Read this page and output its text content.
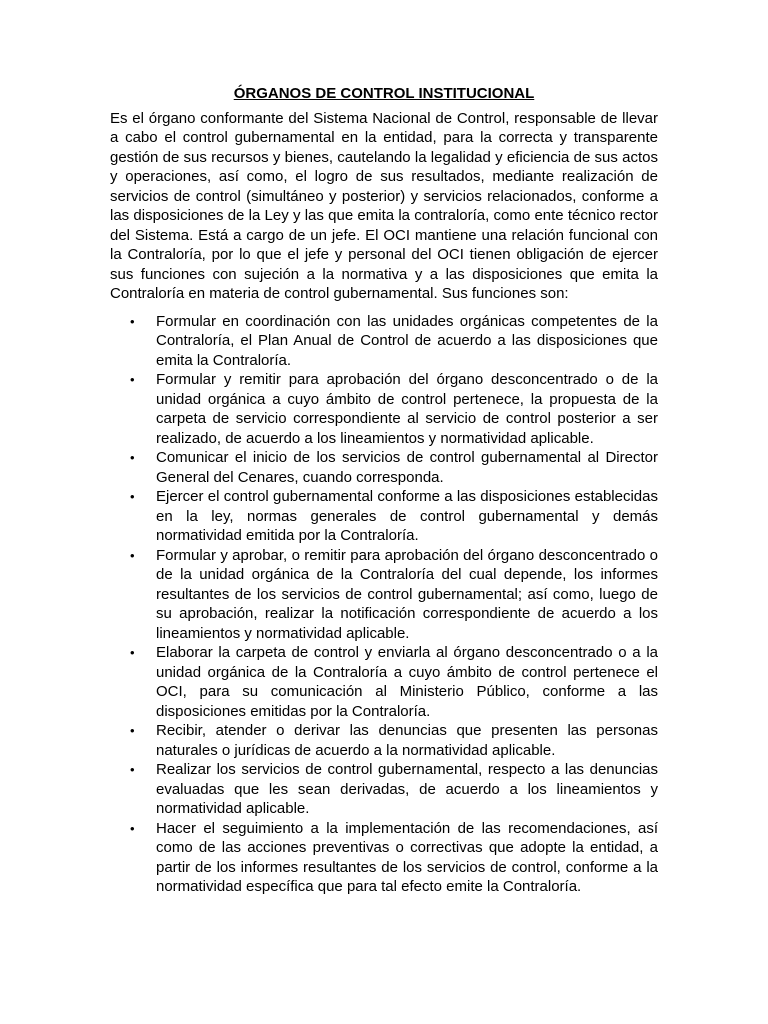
ÓRGANOS DE CONTROL INSTITUCIONAL

Es el órgano conformante del Sistema Nacional de Control, responsable de llevar a cabo el control gubernamental en la entidad, para la correcta y transparente gestión de sus recursos y bienes, cautelando la legalidad y eficiencia de sus actos y operaciones, así como, el logro de sus resultados, mediante realización de servicios de control (simultáneo y posterior) y servicios relacionados, conforme a las disposiciones de la Ley y las que emita la contraloría, como ente técnico rector del Sistema. Está a cargo de un jefe. El OCI mantiene una relación funcional con la Contraloría, por lo que el jefe y personal del OCI tienen obligación de ejercer sus funciones con sujeción a la normativa y a las disposiciones que emita la Contraloría en materia de control gubernamental. Sus funciones son:

• Formular en coordinación con las unidades orgánicas competentes de la Contraloría, el Plan Anual de Control de acuerdo a las disposiciones que emita la Contraloría.
• Formular y remitir para aprobación del órgano desconcentrado o de la unidad orgánica a cuyo ámbito de control pertenece, la propuesta de la carpeta de servicio correspondiente al servicio de control posterior a ser realizado, de acuerdo a los lineamientos y normatividad aplicable.
• Comunicar el inicio de los servicios de control gubernamental al Director General del Cenares, cuando corresponda.
• Ejercer el control gubernamental conforme a las disposiciones establecidas en la ley, normas generales de control gubernamental y demás normatividad emitida por la Contraloría.
• Formular y aprobar, o remitir para aprobación del órgano desconcentrado o de la unidad orgánica de la Contraloría del cual depende, los informes resultantes de los servicios de control gubernamental; así como, luego de su aprobación, realizar la notificación correspondiente de acuerdo a los lineamientos y normatividad aplicable.
• Elaborar la carpeta de control y enviarla al órgano desconcentrado o a la unidad orgánica de la Contraloría a cuyo ámbito de control pertenece el OCI, para su comunicación al Ministerio Público, conforme a las disposiciones emitidas por la Contraloría.
• Recibir, atender o derivar las denuncias que presenten las personas naturales o jurídicas de acuerdo a la normatividad aplicable.
• Realizar los servicios de control gubernamental, respecto a las denuncias evaluadas que les sean derivadas, de acuerdo a los lineamientos y normatividad aplicable.
• Hacer el seguimiento a la implementación de las recomendaciones, así como de las acciones preventivas o correctivas que adopte la entidad, a partir de los informes resultantes de los servicios de control, conforme a la normatividad específica que para tal efecto emite la Contraloría.
